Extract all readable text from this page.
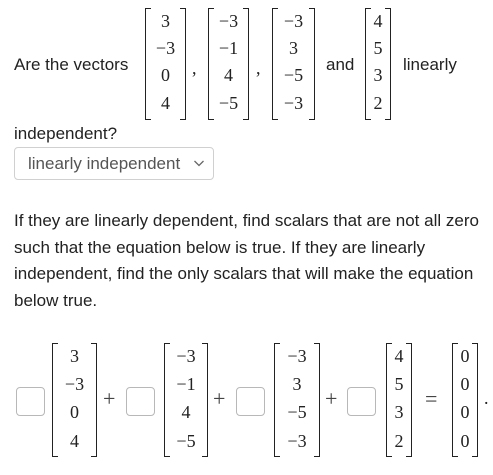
Are the vectors
3
−3
0
4
,
−3
−1
4
−5
,
−3
3
−5
−3
and
4
5
3
2
linearly
independent?
linearly independent
If they are linearly dependent, find scalars that are not all zero
such that the equation below is true. If they are linearly
independent, find the only scalars that will make the equation
below true.
3
−3
0
4
+
−3
−1
4
−5
+
−3
3
−5
−3
+
4
5
3
2
=
0
0
0
0
.
